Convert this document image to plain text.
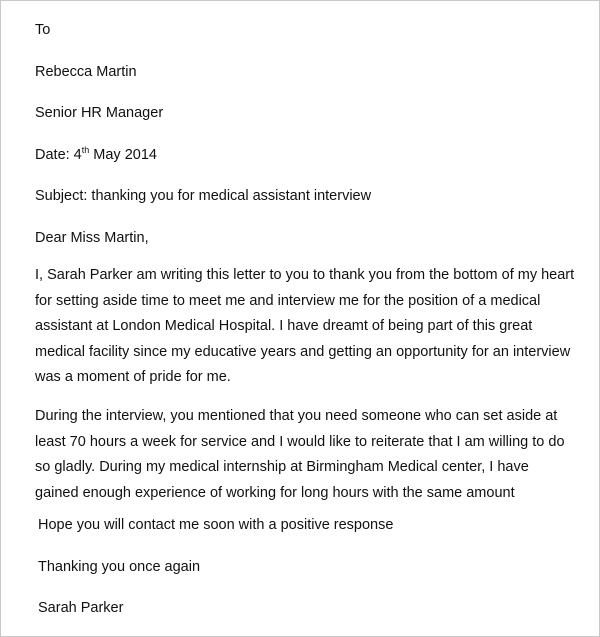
To
Rebecca Martin
Senior HR Manager
Date: 4th May 2014
Subject: thanking you for medical assistant interview
Dear Miss Martin,
I, Sarah Parker am writing this letter to you to thank you from the bottom of my heart
for setting aside time to meet me and interview me for the position of a medical
assistant at London Medical Hospital. I have dreamt of being part of this great
medical facility since my educative years and getting an opportunity for an interview
was a moment of pride for me.
During the interview, you mentioned that you need someone who can set aside at
least 70 hours a week for service and I would like to reiterate that I am willing to do
so gladly. During my medical internship at Birmingham Medical center, I have
gained enough experience of working for long hours with the same amount
Hope you will contact me soon with a positive response
Thanking you once again
Sarah Parker
